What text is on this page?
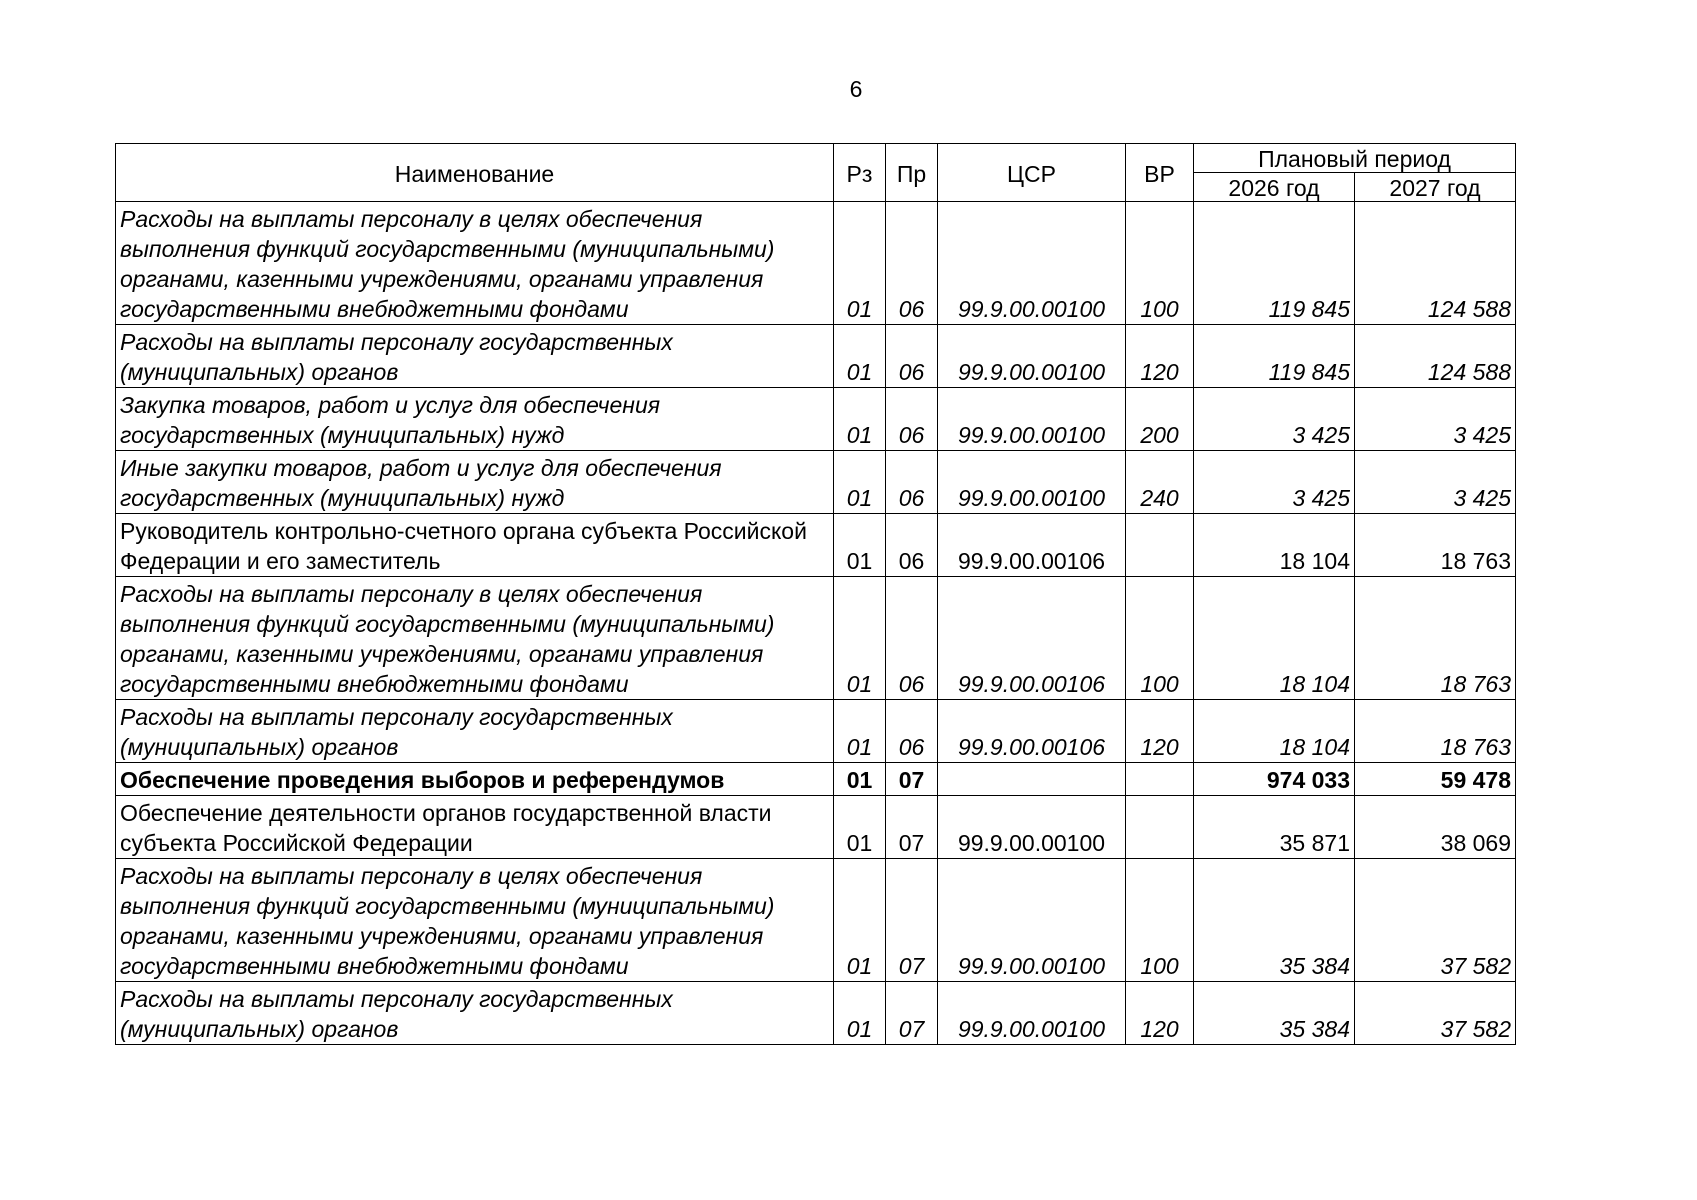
6
Наименование	Рз	Пр	ЦСР	ВР	Плановый период	
					2026 год	2027 год
Расходы на выплаты персоналу в целях обеспечения выполнения функций государственными (муниципальными) органами, казенными учреждениями, органами управления государственными внебюджетными фондами	01	06	99.9.00.00100	100	119 845	124 588
Расходы на выплаты персоналу государственных (муниципальных) органов	01	06	99.9.00.00100	120	119 845	124 588
Закупка товаров, работ и услуг для обеспечения государственных (муниципальных) нужд	01	06	99.9.00.00100	200	3 425	3 425
Иные закупки товаров, работ и услуг для обеспечения государственных (муниципальных) нужд	01	06	99.9.00.00100	240	3 425	3 425
Руководитель контрольно-счетного органа субъекта Российской Федерации и его заместитель	01	06	99.9.00.00106		18 104	18 763
Расходы на выплаты персоналу в целях обеспечения выполнения функций государственными (муниципальными) органами, казенными учреждениями, органами управления государственными внебюджетными фондами	01	06	99.9.00.00106	100	18 104	18 763
Расходы на выплаты персоналу государственных (муниципальных) органов	01	06	99.9.00.00106	120	18 104	18 763
Обеспечение проведения выборов и референдумов	01	07			974 033	59 478
Обеспечение деятельности органов государственной власти субъекта Российской Федерации	01	07	99.9.00.00100		35 871	38 069
Расходы на выплаты персоналу в целях обеспечения выполнения функций государственными (муниципальными) органами, казенными учреждениями, органами управления государственными внебюджетными фондами	01	07	99.9.00.00100	100	35 384	37 582
Расходы на выплаты персоналу государственных (муниципальных) органов	01	07	99.9.00.00100	120	35 384	37 582
